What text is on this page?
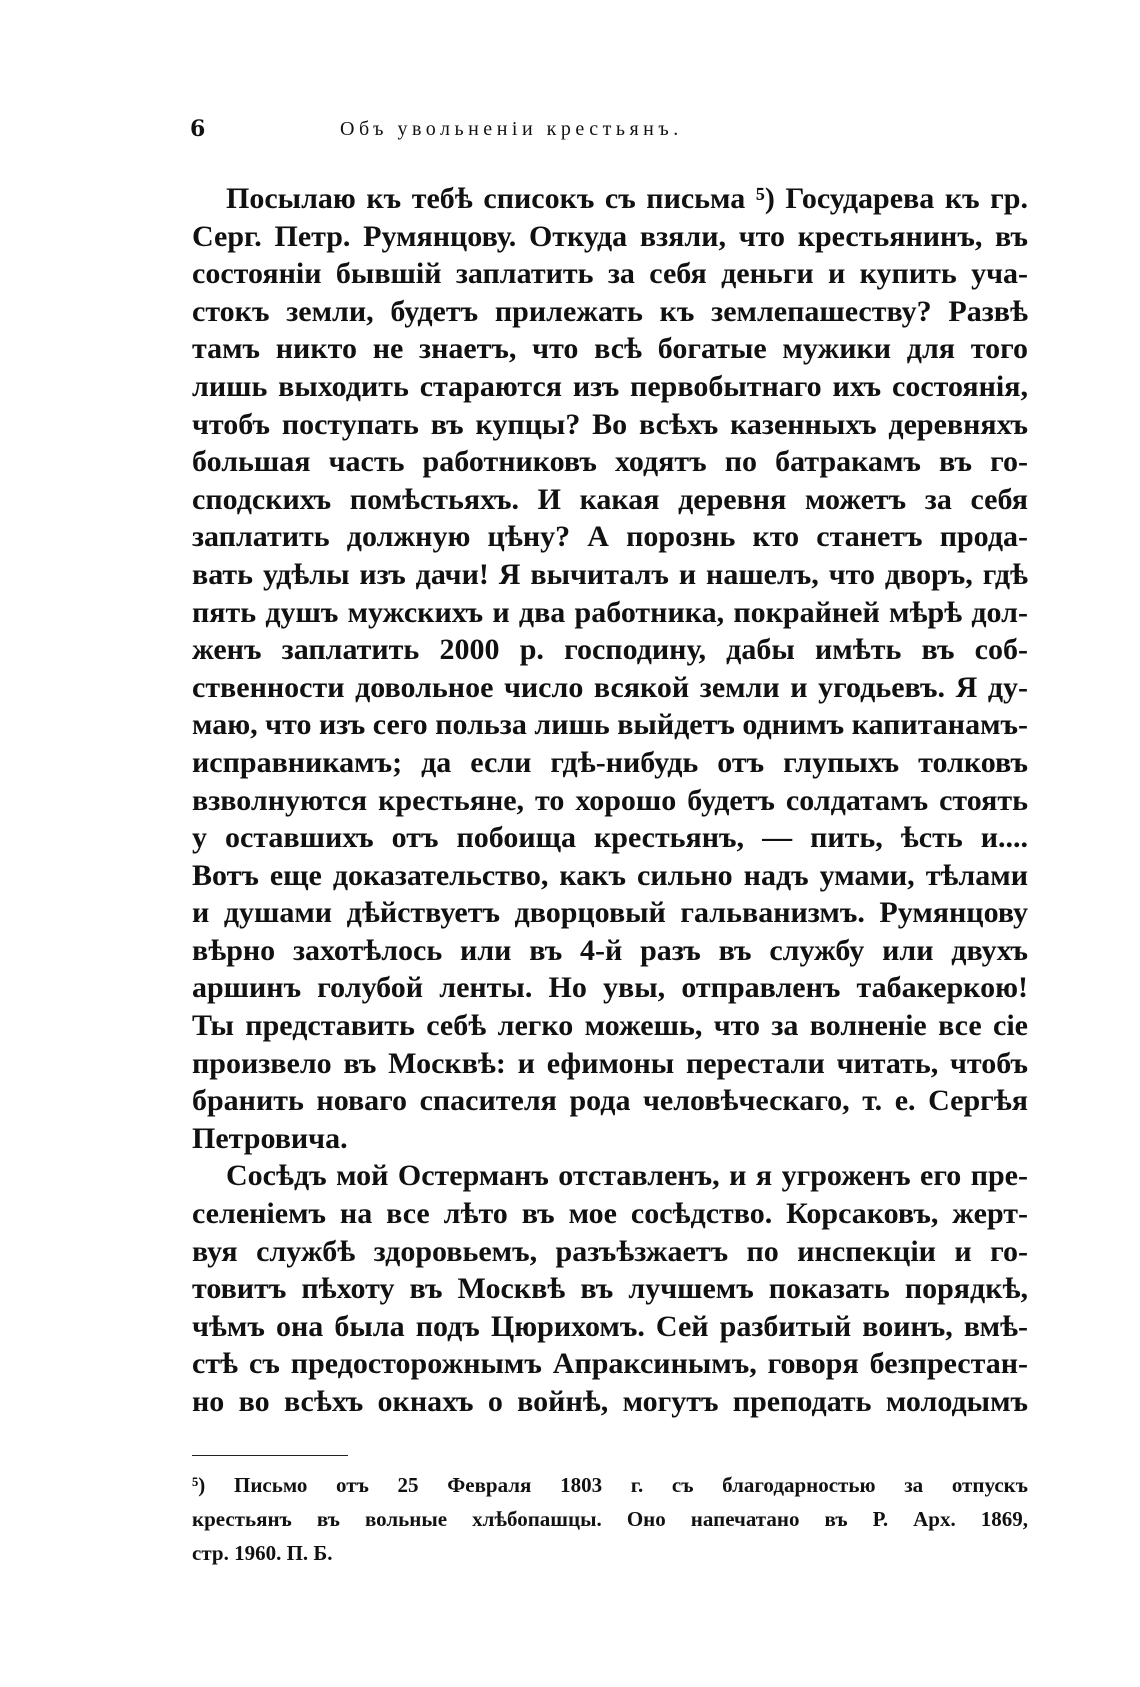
6	Объ увольненіи крестьянъ.
Посылаю къ тебѣ списокъ съ письма ⁵) Государева къ гр.
Серг. Петр. Румянцову. Откуда взяли, что крестьянинъ, въ
состояніи бывшій заплатить за себя деньги и купить уча-
стокъ земли, будетъ прилежать къ землепашеству? Развѣ
тамъ никто не знаетъ, что всѣ богатые мужики для того
лишь выходить стараются изъ первобытнаго ихъ состоянія,
чтобъ поступать въ купцы? Во всѣхъ казенныхъ деревняхъ
большая часть работниковъ ходятъ по батракамъ въ го-
сподскихъ помѣстьяхъ. И какая деревня можетъ за себя
заплатить должную цѣну? А порознь кто станетъ прода-
вать удѣлы изъ дачи! Я вычиталъ и нашелъ, что дворъ, гдѣ
пять душъ мужскихъ и два работника, покрайней мѣрѣ дол-
женъ заплатить 2000 р. господину, дабы имѣть въ соб-
ственности довольное число всякой земли и угодьевъ. Я ду-
маю, что изъ сего польза лишь выйдетъ однимъ капитанамъ-
исправникамъ; да если гдѣ-нибудь отъ глупыхъ толковъ
взволнуются крестьяне, то хорошо будетъ солдатамъ стоять
у оставшихъ отъ побоища крестьянъ, — пить, ѣсть и....
Вотъ еще доказательство, какъ сильно надъ умами, тѣлами
и душами дѣйствуетъ дворцовый гальванизмъ. Румянцову
вѣрно захотѣлось или въ 4-й разъ въ службу или двухъ
аршинъ голубой ленты. Но увы, отправленъ табакеркою!
Ты представить себѣ легко можешь, что за волненіе все сіе
произвело въ Москвѣ: и ефимоны перестали читать, чтобъ
бранить новаго спасителя рода человѣческаго, т. е. Сергѣя
Петровича.
Сосѣдъ мой Остерманъ отставленъ, и я угроженъ его пре-
селеніемъ на все лѣто въ мое сосѣдство. Корсаковъ, жерт-
вуя службѣ здоровьемъ, разъѣзжаетъ по инспекціи и го-
товитъ пѣхоту въ Москвѣ въ лучшемъ показать порядкѣ,
чѣмъ она была подъ Цюрихомъ. Сей разбитый воинъ, вмѣ-
стѣ съ предосторожнымъ Апраксинымъ, говоря безпрестан-
но во всѣхъ окнахъ о войнѣ, могутъ преподать молодымъ
⁵) Письмо отъ 25 Февраля 1803 г. съ благодарностью за отпускъ
крестьянъ въ вольные хлѣбопашцы. Оно напечатано въ Р. Арх. 1869,
стр. 1960. П. Б.
